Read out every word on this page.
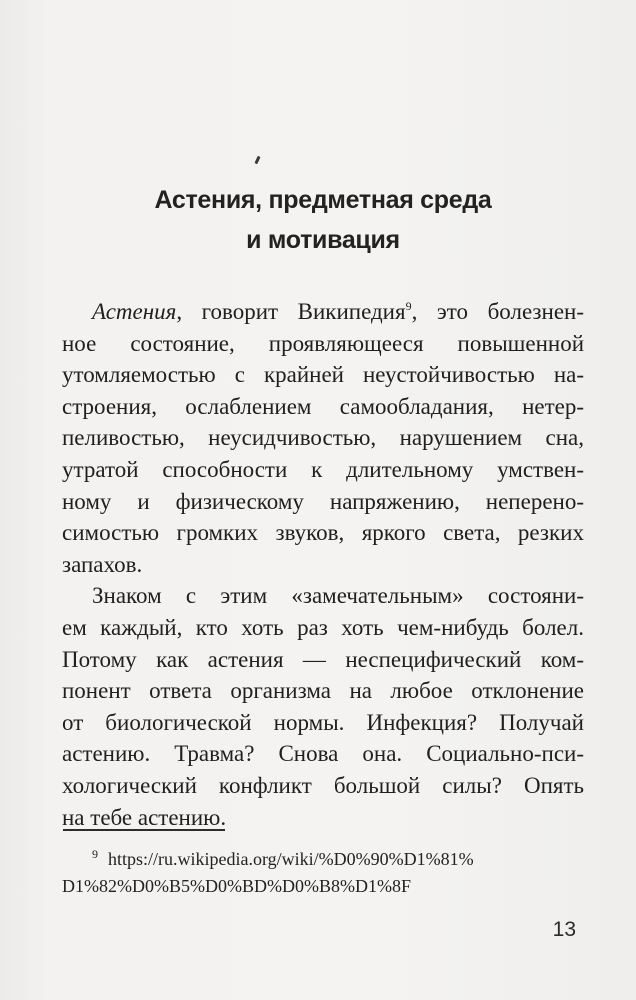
Астения, предметная среда
и мотивация
Астения, говорит Википедия$^9$, это болезнен-
ное состояние, проявляющееся повышенной
утомляемостью с крайней неустойчивостью на-
строения, ослаблением самообладания, нетер-
пеливостью, неусидчивостью, нарушением сна,
утратой способности к длительному умствен-
ному и физическому напряжению, неперено-
симостью громких звуков, яркого света, резких
запахов.
Знаком с этим «замечательным» состояни-
ем каждый, кто хоть раз хоть чем-нибудь болел.
Потому как астения — неспецифический ком-
понент ответа организма на любое отклонение
от биологической нормы. Инфекция? Получай
астению. Травма? Снова она. Социально-пси-
хологический конфликт большой силы? Опять
на тебе астению.
$^9$ https://ru.wikipedia.org/wiki/%D0%90%D1%81%
D1%82%D0%B5%D0%BD%D0%B8%D1%8F
13
